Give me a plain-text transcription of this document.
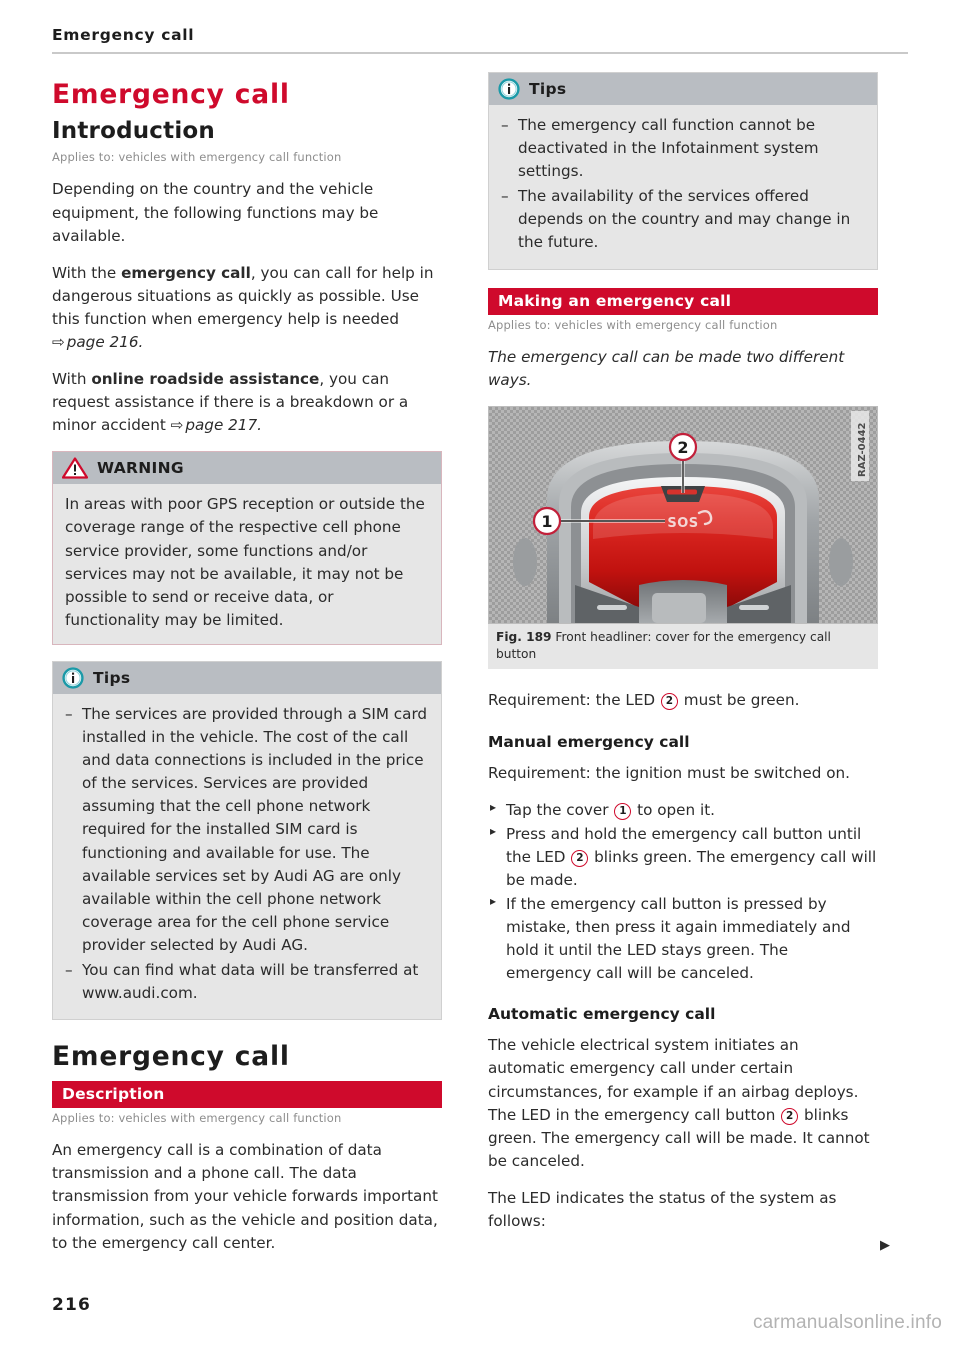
Emergency call
Emergency call
Introduction
Applies to: vehicles with emergency call function

Depending on the country and the vehicle equipment, the following functions may be available.

With the emergency call, you can call for help in dangerous situations as quickly as possible. Use this function when emergency help is needed ⇨ page 216.

With online roadside assistance, you can request assistance if there is a breakdown or a minor accident ⇨ page 217.

WARNING

In areas with poor GPS reception or outside the coverage range of the respective cell phone service provider, some functions and/or services may not be available, it may not be possible to send or receive data, or functionality may be limited.

Tips
– The services are provided through a SIM card installed in the vehicle. The cost of the call and data connections is included in the price of the services. Services are provided assuming that the cell phone network required for the installed SIM card is functioning and available for use. The available services set by Audi AG are only available within the cell phone network coverage area for the cell phone service provider selected by Audi AG.
– You can find what data will be transferred at www.audi.com.
Emergency call
Description
Applies to: vehicles with emergency call function

An emergency call is a combination of data transmission and a phone call. The data transmission from your vehicle forwards important information, such as the vehicle and position data, to the emergency call center.

Tips
– The emergency call function cannot be deactivated in the Infotainment system settings.
– The availability of the services offered depends on the country and may change in the future.
Making an emergency call
Applies to: vehicles with emergency call function

The emergency call can be made two different ways.

SOS
2
1
RAZ-0442
Fig. 189 Front headliner: cover for the emergency call button

Requirement: the LED 2 must be green.

Manual emergency call

Requirement: the ignition must be switched on.

▸ Tap the cover 1 to open it.
▸ Press and hold the emergency call button until the LED 2 blinks green. The emergency call will be made.
▸ If the emergency call button is pressed by mistake, then press it again immediately and hold it until the LED stays green. The emergency call will be canceled.
Automatic emergency call

The vehicle electrical system initiates an automatic emergency call under certain circumstances, for example if an airbag deploys. The LED in the emergency call button 2 blinks green. The emergency call will be made. It cannot be canceled.

The LED indicates the status of the system as follows:

▶
216
carmanualsonline.info
